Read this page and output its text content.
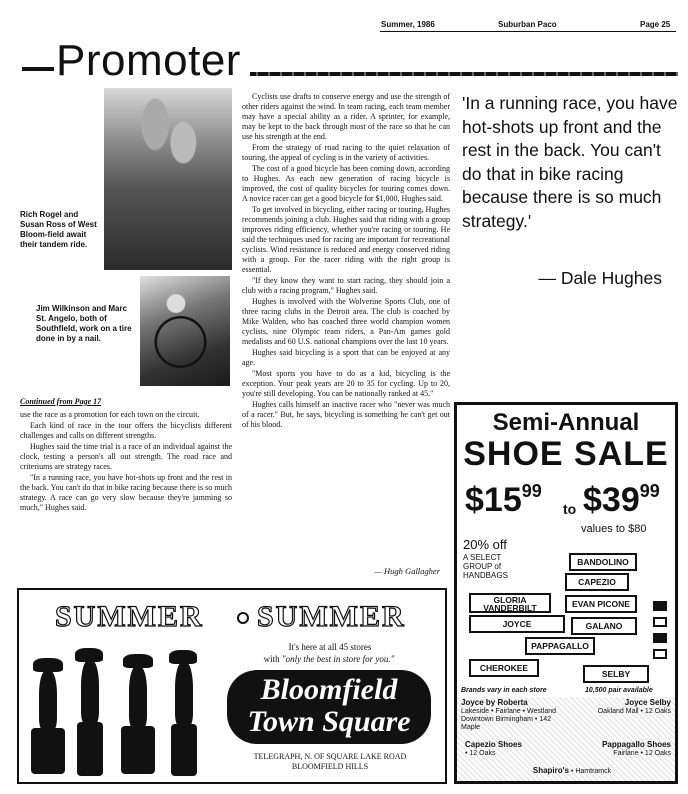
Summer, 1986	Suburban Paco	Page 25
Promoter
Rich Rogel and Susan Ross of West Bloom-field await their tandem ride.
Jim Wilkinson and Marc St. Angelo, both of Southfield, work on a tire done in by a nail.
Continued from Page 17

use the race as a promotion for each town on the circuit.

Each kind of race in the tour offers the bicyclists different challenges and calls on different strengths.

Hughes said the time trial is a race of an individual against the clock, testing a person's all out strength. The road race and criteriums are strategy races.

"In a running race, you have hot-shots up front and the rest in the back. You can't do that in bike racing because there is so much strategy. A race can go very slow because they're jamming so much," Hughes said.

Cyclists use drafts to conserve energy and use the strength of other riders against the wind. In team racing, each team member may have a special ability as a rider. A sprinter, for example, may be kept to the back through most of the race so that he can use his strength at the end.

From the strategy of road racing to the quiet relaxation of touring, the appeal of cycling is in the variety of activities.

The cost of a good bicycle has been coming down, according to Hughes. As each new generation of racing bicycle is improved, the cost of quality bicycles for touring comes down. A novice racer can get a good bicycle for $1,000, Hughes said.

To get involved in bicycling, either racing or touring, Hughes recommends joining a club. Hughes said that riding with a group improves riding efficiency, whether you're racing or touring. He said the techniques used for racing are important for recreational cyclists. Wind resistance is reduced and energy conserved riding with a group. For the racer riding with the right group is essential.

"If they know they want to start racing, they should join a club with a racing program," Hughes said.

Hughes is involved with the Wolverine Sports Club, one of three racing clubs in the Detroit area. The club is coached by Mike Walden, who has coached three world champion women cyclists, nine Olympic team riders, a Pan-Am games gold medalists and 60 U.S. national champions over the last 10 years.

Hughes said bicycling is a sport that can be enjoyed at any age.

"Most sports you have to do as a kid, bicycling is the exception. Your peak years are 20 to 35 for cycling. Up to 20, you're still developing. You can be nationally ranked at 45."

Hughes calls himself an inactive racer who "never was much of a racer." But, he says, bicycling is something he can't get out of his blood.

— Hugh Gallagher
'In a running race, you have hot-shots up front and the rest in the back. You can't do that in bike racing because there is so much strategy.'
— Dale Hughes
Semi-Annual
SHOE SALE
$1599
to $3999
values to $80
20% off
A SELECT GROUP of HANDBAGS
BANDOLINO
CAPEZIO
GLORIA VANDERBILT	EVAN PICONE
JOYCE	GALANO
PAPPAGALLO
CHEROKEE
SELBY
Brands vary in each store	10,500 pair available
Joyce by Roberta
Lakeside • Fairlane • Westland Downtown Birmingham • 142 Maple
Joyce Selby
Oakland Mall • 12 Oaks
Capezio Shoes
• 12 Oaks
Pappagallo Shoes
Fairlane • 12 Oaks
Shapiro's • Hamtramck
SUMMER SUMMER
It's here at all 45 stores
with "only the best in store for you."
Bloomfield
Town Square
TELEGRAPH, N. OF SQUARE LAKE ROAD
BLOOMFIELD HILLS
